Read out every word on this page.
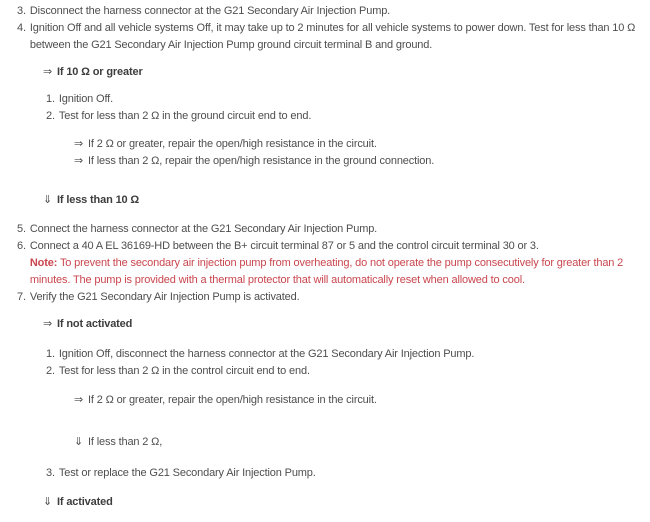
3. Disconnect the harness connector at the G21 Secondary Air Injection Pump.
4. Ignition Off and all vehicle systems Off, it may take up to 2 minutes for all vehicle systems to power down. Test for less than 10 Ω between the G21 Secondary Air Injection Pump ground circuit terminal B and ground.
⇒ If 10 Ω or greater
1. Ignition Off.
2. Test for less than 2 Ω in the ground circuit end to end.
⇒ If 2 Ω or greater, repair the open/high resistance in the circuit.
⇒ If less than 2 Ω, repair the open/high resistance in the ground connection.
⇓ If less than 10 Ω
5. Connect the harness connector at the G21 Secondary Air Injection Pump.
6. Connect a 40 A EL 36169-HD between the B+ circuit terminal 87 or 5 and the control circuit terminal 30 or 3.

Note: To prevent the secondary air injection pump from overheating, do not operate the pump consecutively for greater than 2 minutes. The pump is provided with a thermal protector that will automatically reset when allowed to cool.

7. Verify the G21 Secondary Air Injection Pump is activated.
⇒ If not activated
1. Ignition Off, disconnect the harness connector at the G21 Secondary Air Injection Pump.
2. Test for less than 2 Ω in the control circuit end to end.
⇒ If 2 Ω or greater, repair the open/high resistance in the circuit.
⇓ If less than 2 Ω,
3. Test or replace the G21 Secondary Air Injection Pump.
⇓ If activated
